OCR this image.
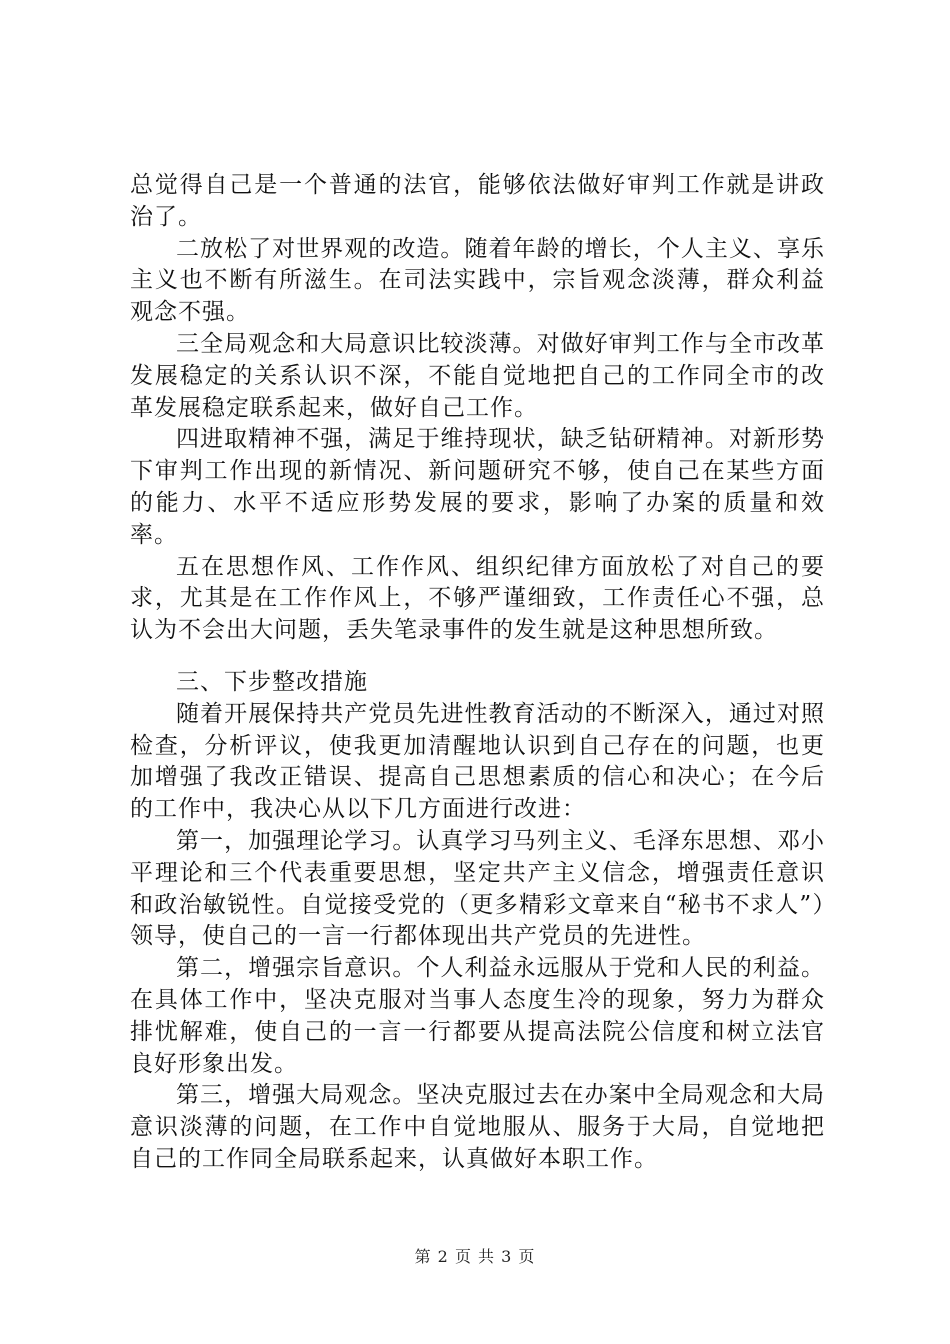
总觉得自己是一个普通的法官，能够依法做好审判工作就是讲政治了。

二放松了对世界观的改造。随着年龄的增长，个人主义、享乐主义也不断有所滋生。在司法实践中，宗旨观念淡薄，群众利益观念不强。

三全局观念和大局意识比较淡薄。对做好审判工作与全市改革发展稳定的关系认识不深，不能自觉地把自己的工作同全市的改革发展稳定联系起来，做好自己工作。

四进取精神不强，满足于维持现状，缺乏钻研精神。对新形势下审判工作出现的新情况、新问题研究不够，使自己在某些方面的能力、水平不适应形势发展的要求，影响了办案的质量和效率。

五在思想作风、工作作风、组织纪律方面放松了对自己的要求，尤其是在工作作风上，不够严谨细致，工作责任心不强，总认为不会出大问题，丢失笔录事件的发生就是这种思想所致。

三、下步整改措施

随着开展保持共产党员先进性教育活动的不断深入，通过对照检查，分析评议，使我更加清醒地认识到自己存在的问题，也更加增强了我改正错误、提高自己思想素质的信心和决心；在今后的工作中，我决心从以下几方面进行改进：

第一，加强理论学习。认真学习马列主义、毛泽东思想、邓小平理论和三个代表重要思想，坚定共产主义信念，增强责任意识和政治敏锐性。自觉接受党的（更多精彩文章来自“秘书不求人”）领导，使自己的一言一行都体现出共产党员的先进性。

第二，增强宗旨意识。个人利益永远服从于党和人民的利益。在具体工作中，坚决克服对当事人态度生冷的现象，努力为群众排忧解难，使自己的一言一行都要从提高法院公信度和树立法官良好形象出发。

第三，增强大局观念。坚决克服过去在办案中全局观念和大局意识淡薄的问题，在工作中自觉地服从、服务于大局，自觉地把自己的工作同全局联系起来，认真做好本职工作。

第 2 页 共 3 页
